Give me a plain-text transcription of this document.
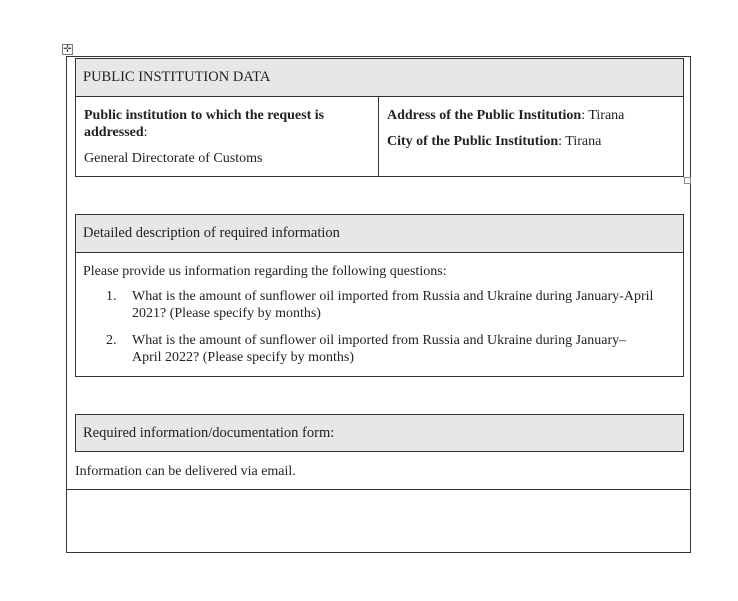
✛
PUBLIC INSTITUTION DATA

Public institution to which the request is addressed:

General Directorate of Customs

Address of the Public Institution: Tirana

City of the Public Institution: Tirana

Detailed description of required information

Please provide us information regarding the following questions:

1.	What is the amount of sunflower oil imported from Russia and Ukraine during January-April 2021? (Please specify by months)
2.	What is the amount of sunflower oil imported from Russia and Ukraine during January–April 2022? (Please specify by months)
Required information/documentation form:

Information can be delivered via email.
